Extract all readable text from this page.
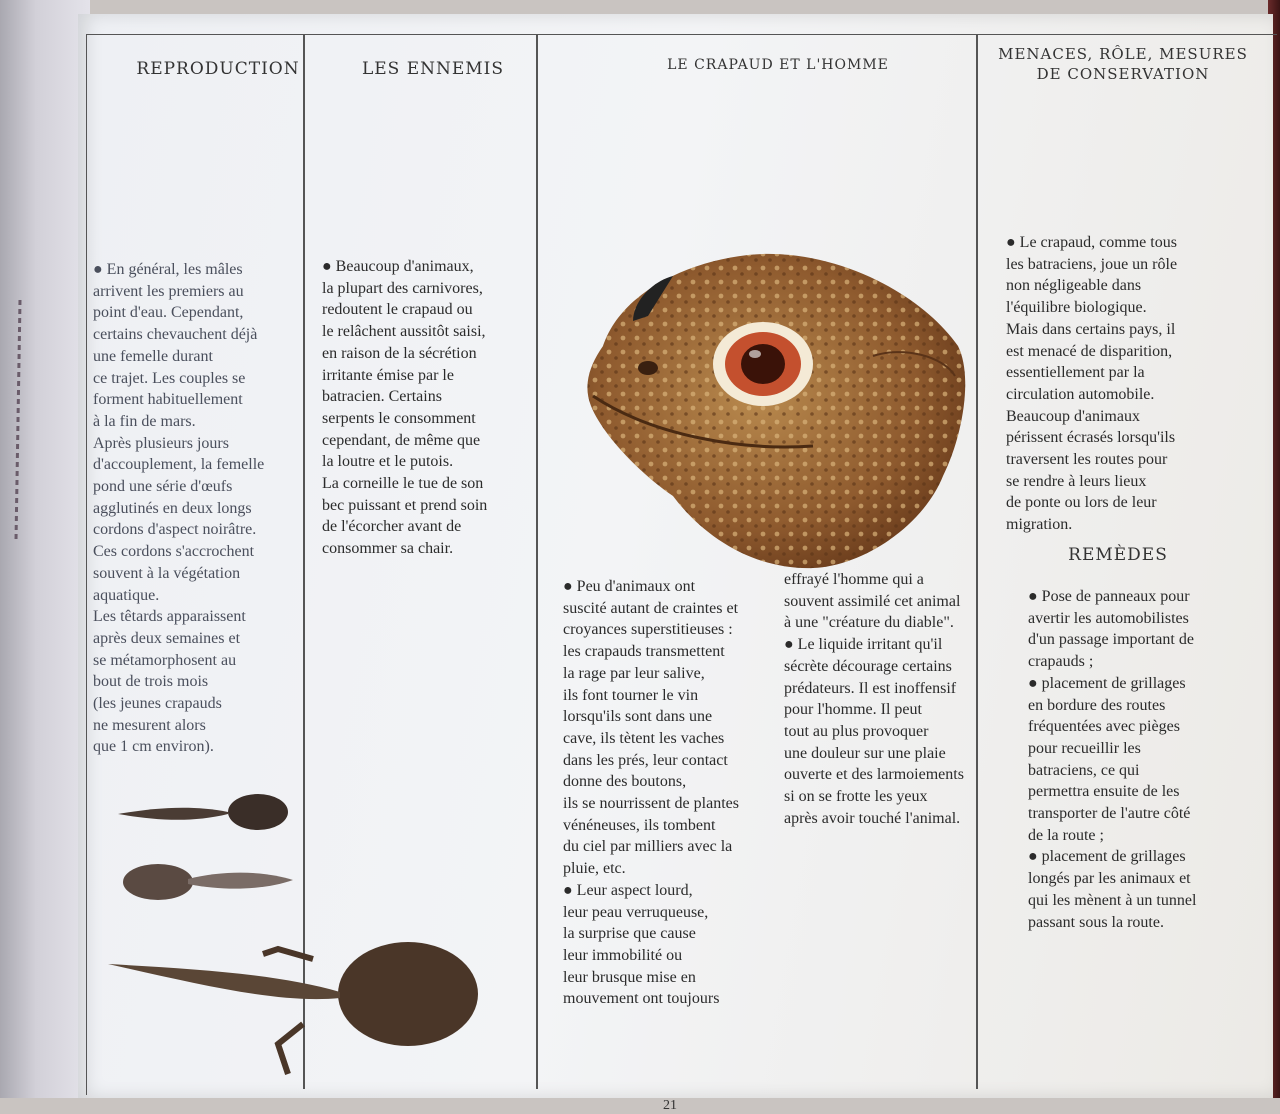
REPRODUCTION	LES ENNEMIS	LE CRAPAUD ET L'HOMME
MENACES, RÔLE, MESURES
DE CONSERVATION
REMÈDES
● En général, les mâles
arrivent les premiers au
point d'eau. Cependant,
certains chevauchent déjà
une femelle durant
ce trajet. Les couples se
forment habituellement
à la fin de mars.
Après plusieurs jours
d'accouplement, la femelle
pond une série d'œufs
agglutinés en deux longs
cordons d'aspect noirâtre.
Ces cordons s'accrochent
souvent à la végétation
aquatique.
Les têtards apparaissent
après deux semaines et
se métamorphosent au
bout de trois mois
(les jeunes crapauds
ne mesurent alors
que 1 cm environ).
● Beaucoup d'animaux,
la plupart des carnivores,
redoutent le crapaud ou
le relâchent aussitôt saisi,
en raison de la sécrétion
irritante émise par le
batracien. Certains
serpents le consomment
cependant, de même que
la loutre et le putois.
La corneille le tue de son
bec puissant et prend soin
de l'écorcher avant de
consommer sa chair.
● Peu d'animaux ont
suscité autant de craintes et
croyances superstitieuses :
les crapauds transmettent
la rage par leur salive,
ils font tourner le vin
lorsqu'ils sont dans une
cave, ils tètent les vaches
dans les prés, leur contact
donne des boutons,
ils se nourrissent de plantes
vénéneuses, ils tombent
du ciel par milliers avec la
pluie, etc.
● Leur aspect lourd,
leur peau verruqueuse,
la surprise que cause
leur immobilité ou
leur brusque mise en
mouvement ont toujours
effrayé l'homme qui a
souvent assimilé cet animal
à une "créature du diable".
● Le liquide irritant qu'il
sécrète décourage certains
prédateurs. Il est inoffensif
pour l'homme. Il peut
tout au plus provoquer
une douleur sur une plaie
ouverte et des larmoiements
si on se frotte les yeux
après avoir touché l'animal.
● Le crapaud, comme tous
les batraciens, joue un rôle
non négligeable dans
l'équilibre biologique.
Mais dans certains pays, il
est menacé de disparition,
essentiellement par la
circulation automobile.
Beaucoup d'animaux
périssent écrasés lorsqu'ils
traversent les routes pour
se rendre à leurs lieux
de ponte ou lors de leur
migration.
● Pose de panneaux pour
avertir les automobilistes
d'un passage important de
crapauds ;
● placement de grillages
en bordure des routes
fréquentées avec pièges
pour recueillir les
batraciens, ce qui
permettra ensuite de les
transporter de l'autre côté
de la route ;
● placement de grillages
longés par les animaux et
qui les mènent à un tunnel
passant sous la route.
21
